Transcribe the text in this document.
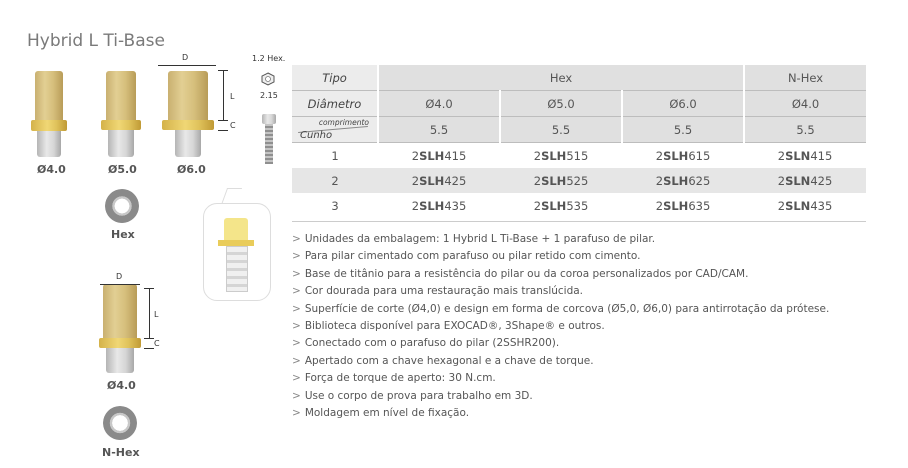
Hybrid L Ti-Base
Ø4.0	Ø5.0	Ø6.0
D
L
C
1.2 Hex.
2.15
Hex
D
L
C
Ø4.0
N-Hex
Tipo	Hex			N-Hex
Diâmetro	Ø4.0	Ø5.0	Ø6.0	Ø4.0

comprimento
Cunho	5.5	5.5	5.5	5.5
1	2SLH415	2SLH515	2SLH615	2SLN415
2	2SLH425	2SLH525	2SLH625	2SLN425
3	2SLH435	2SLH535	2SLH635	2SLN435
> Unidades da embalagem: 1 Hybrid L Ti-Base + 1 parafuso de pilar.
> Para pilar cimentado com parafuso ou pilar retido com cimento.
> Base de titânio para a resistência do pilar ou da coroa personalizados por CAD/CAM.
> Cor dourada para uma restauração mais translúcida.
> Superfície de corte (Ø4,0) e design em forma de corcova (Ø5,0, Ø6,0) para antirrotação da prótese.
> Biblioteca disponível para EXOCAD®, 3Shape® e outros.
> Conectado com o parafuso do pilar (2SSHR200).
> Apertado com a chave hexagonal e a chave de torque.
> Força de torque de aperto: 30 N.cm.
> Use o corpo de prova para trabalho em 3D.
> Moldagem em nível de fixação.
